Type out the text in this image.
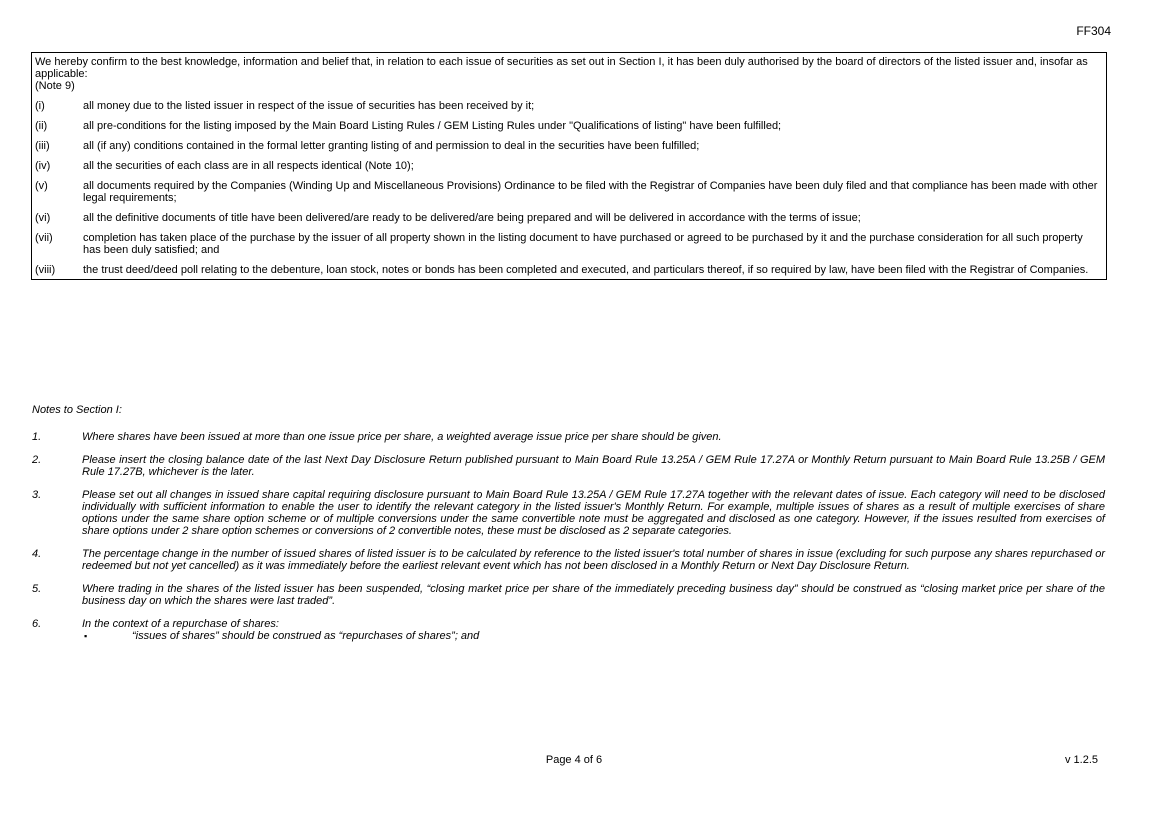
FF304

We hereby confirm to the best knowledge, information and belief that, in relation to each issue of securities as set out in Section I, it has been duly authorised by the board of directors of the listed issuer and, insofar as applicable:

(Note 9)

(i)	all money due to the listed issuer in respect of the issue of securities has been received by it;
(ii)	all pre-conditions for the listing imposed by the Main Board Listing Rules / GEM Listing Rules under "Qualifications of listing" have been fulfilled;
(iii)	all (if any) conditions contained in the formal letter granting listing of and permission to deal in the securities have been fulfilled;
(iv)	all the securities of each class are in all respects identical (Note 10);
(v)	all documents required by the Companies (Winding Up and Miscellaneous Provisions) Ordinance to be filed with the Registrar of Companies have been duly filed and that compliance has been made with other legal requirements;
(vi)	all the definitive documents of title have been delivered/are ready to be delivered/are being prepared and will be delivered in accordance with the terms of issue;
(vii)	completion has taken place of the purchase by the issuer of all property shown in the listing document to have purchased or agreed to be purchased by it and the purchase consideration for all such property has been duly satisfied; and
(viii)	the trust deed/deed poll relating to the debenture, loan stock, notes or bonds has been completed and executed, and particulars thereof, if so required by law, have been filed with the Registrar of Companies.

Notes to Section I:

1.	Where shares have been issued at more than one issue price per share, a weighted average issue price per share should be given.
2.	Please insert the closing balance date of the last Next Day Disclosure Return published pursuant to Main Board Rule 13.25A / GEM Rule 17.27A or Monthly Return pursuant to Main Board Rule 13.25B / GEM Rule 17.27B, whichever is the later.
3.	Please set out all changes in issued share capital requiring disclosure pursuant to Main Board Rule 13.25A / GEM Rule 17.27A together with the relevant dates of issue. Each category will need to be disclosed individually with sufficient information to enable the user to identify the relevant category in the listed issuer's Monthly Return. For example, multiple issues of shares as a result of multiple exercises of share options under the same share option scheme or of multiple conversions under the same convertible note must be aggregated and disclosed as one category. However, if the issues resulted from exercises of share options under 2 share option schemes or conversions of 2 convertible notes, these must be disclosed as 2 separate categories.
4.	The percentage change in the number of issued shares of listed issuer is to be calculated by reference to the listed issuer's total number of shares in issue (excluding for such purpose any shares repurchased or redeemed but not yet cancelled) as it was immediately before the earliest relevant event which has not been disclosed in a Monthly Return or Next Day Disclosure Return.
5.	Where trading in the shares of the listed issuer has been suspended, “closing market price per share of the immediately preceding business day” should be construed as “closing market price per share of the business day on which the shares were last traded”.
6.	In the context of a repurchase of shares:
▪	“issues of shares” should be construed as “repurchases of shares”; and
Page 4 of 6	v 1.2.5
